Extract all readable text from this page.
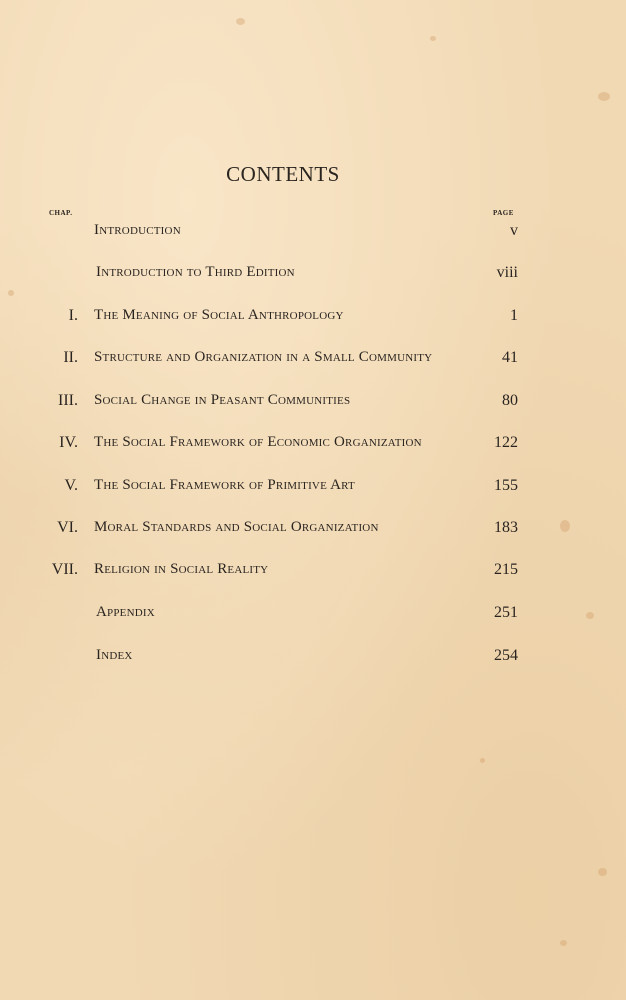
CONTENTS
CHAP.	PAGE
Introduction	v
Introduction to Third Edition	viii
I. The Meaning of Social Anthropology	1
II. Structure and Organization in a Small Community	41
III. Social Change in Peasant Communities	80
IV. The Social Framework of Economic Organization	122
V. The Social Framework of Primitive Art	155
VI. Moral Standards and Social Organization	183
VII. Religion in Social Reality	215
Appendix	251
Index	254
